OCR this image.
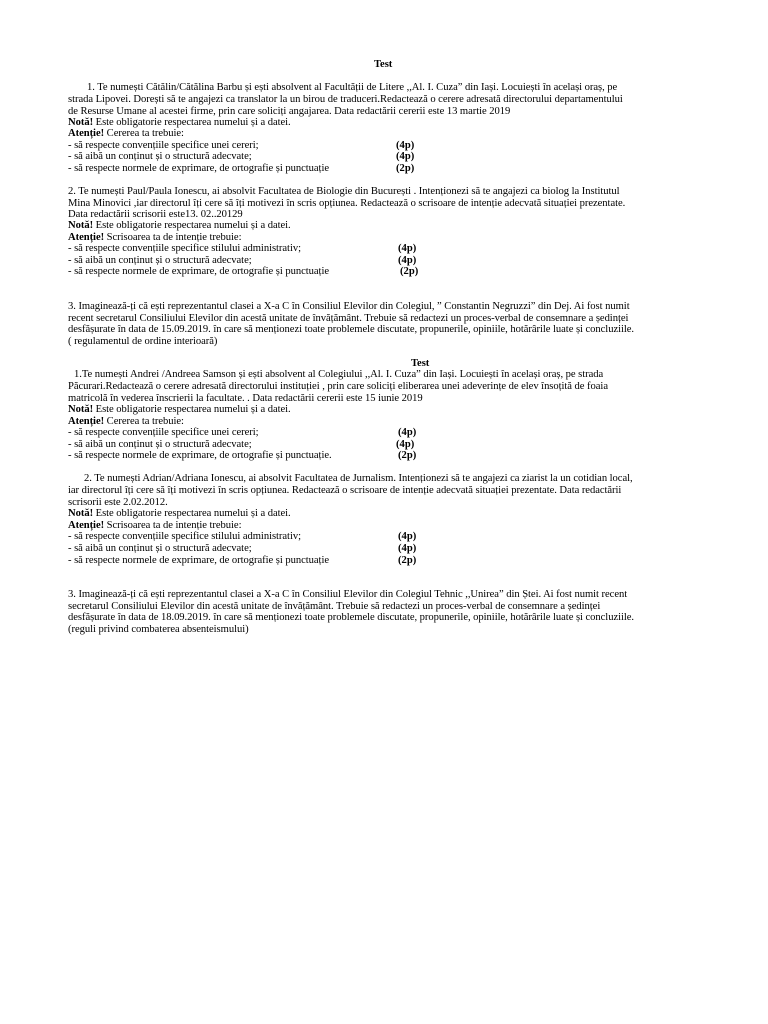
Test
1. Te numești Cătălin/Cătălina Barbu și ești absolvent al Facultății de Litere ,,Al. I. Cuza” din Iași. Locuiești în același oraș, pe
strada Lipovei. Dorești să te angajezi ca translator la un birou de traduceri.Redactează o cerere adresată directorului departamentului
de Resurse Umane al acestei firme, prin care soliciți angajarea. Data redactării cererii este 13 martie 2019
Notă! Este obligatorie respectarea numelui și a datei.
Atenție! Cererea ta trebuie:
- să respecte convențiile specifice unei cereri;	(4p)
- să aibă un conținut și o structură adecvate;	(4p)
- să respecte normele de exprimare, de ortografie și punctuație	(2p)
2. Te numești Paul/Paula Ionescu, ai absolvit Facultatea de Biologie din București . Intenționezi să te angajezi ca biolog la Institutul
Mina Minovici ,iar directorul îți cere să îți motivezi în scris opțiunea. Redactează o scrisoare de intenție adecvată situației prezentate.
Data redactării scrisorii este13. 02..20129
Notă! Este obligatorie respectarea numelui și a datei.
Atenție! Scrisoarea ta de intenție trebuie:
- să respecte convențiile specifice stilului administrativ;	(4p)
- să aibă un conținut și o structură adecvate;	(4p)
- să respecte normele de exprimare, de ortografie și punctuație	(2p)
3. Imaginează-ți că ești reprezentantul clasei a X-a C în Consiliul Elevilor din Colegiul, ” Constantin Negruzzi” din Dej. Ai fost numit
recent secretarul Consiliului Elevilor din acestă unitate de învățământ. Trebuie să redactezi un proces-verbal de consemnare a ședinței
desfășurate în data de 15.09.2019. în care să menționezi toate problemele discutate, propunerile, opiniile, hotărârile luate și concluziile.
( regulamentul de ordine interioară)
Test
1.Te numești Andrei /Andreea Samson și ești absolvent al Colegiului ,,Al. I. Cuza” din Iași. Locuiești în același oraș, pe strada
Păcurari.Redactează o cerere adresată directorului instituției , prin care soliciți eliberarea unei adeverințe de elev însoțită de foaia
matricolă în vederea înscrierii la facultate. . Data redactării cererii este 15 iunie 2019
Notă! Este obligatorie respectarea numelui și a datei.
Atenție! Cererea ta trebuie:
- să respecte convențiile specifice unei cereri;	(4p)
- să aibă un conținut și o structură adecvate;	(4p)
- să respecte normele de exprimare, de ortografie și punctuație.	(2p)
2. Te numești Adrian/Adriana Ionescu, ai absolvit Facultatea de Jurnalism. Intenționezi să te angajezi ca ziarist la un cotidian local,
iar directorul îți cere să îți motivezi în scris opțiunea. Redactează o scrisoare de intenție adecvată situației prezentate. Data redactării
scrisorii este 2.02.2012.
Notă! Este obligatorie respectarea numelui și a datei.
Atenție! Scrisoarea ta de intenție trebuie:
- să respecte convențiile specifice stilului administrativ;	(4p)
- să aibă un conținut și o structură adecvate;	(4p)
- să respecte normele de exprimare, de ortografie și punctuație	(2p)
3. Imaginează-ți că ești reprezentantul clasei a X-a C în Consiliul Elevilor din Colegiul Tehnic ,,Unirea” din Ștei. Ai fost numit recent
secretarul Consiliului Elevilor din acestă unitate de învățământ. Trebuie să redactezi un proces-verbal de consemnare a ședinței
desfășurate în data de 18.09.2019. în care să menționezi toate problemele discutate, propunerile, opiniile, hotărârile luate și concluziile.
(reguli privind combaterea absenteismului)
